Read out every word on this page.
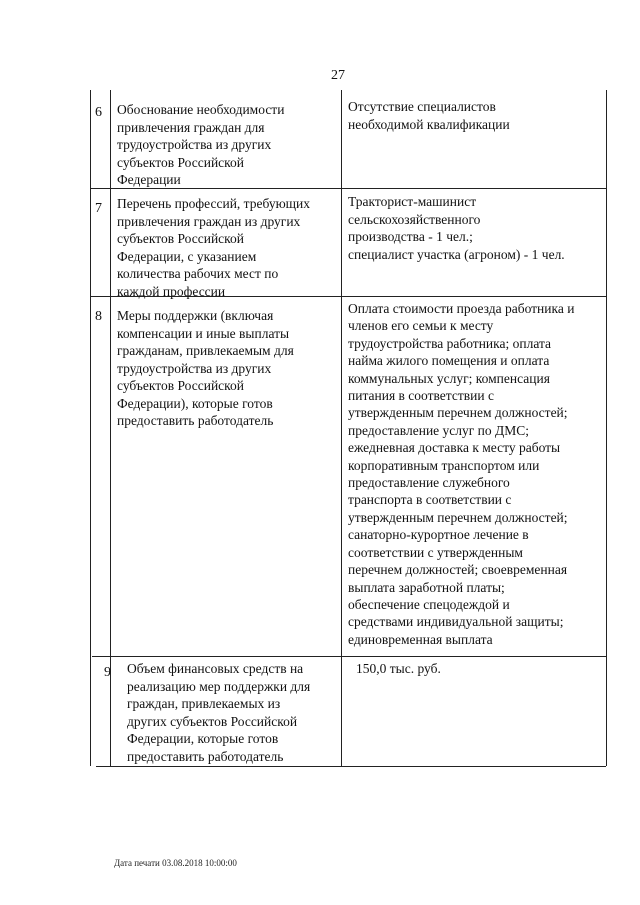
27
6 Обоснование необходимости
привлечения граждан для
трудоустройства из других
субъектов Российской
Федерации
Отсутствие специалистов
необходимой квалификации
7 Перечень профессий, требующих
привлечения граждан из других
субъектов Российской
Федерации, с указанием
количества рабочих мест по
каждой профессии
Тракторист-машинист
сельскохозяйственного
производства - 1 чел.;
специалист участка (агроном) - 1 чел.
8 Меры поддержки (включая
компенсации и иные выплаты
гражданам, привлекаемым для
трудоустройства из других
субъектов Российской
Федерации), которые готов
предоставить работодатель
Оплата стоимости проезда работника и
членов его семьи к месту
трудоустройства работника; оплата
найма жилого помещения и оплата
коммунальных услуг; компенсация
питания в соответствии с
утвержденным перечнем должностей;
предоставление услуг по ДМС;
ежедневная доставка к месту работы
корпоративным транспортом или
предоставление служебного
транспорта в соответствии с
утвержденным перечнем должностей;
санаторно-курортное лечение в
соответствии с утвержденным
перечнем должностей; своевременная
выплата заработной платы;
обеспечение спецодеждой и
средствами индивидуальной защиты;
единовременная выплата
9 Объем финансовых средств на
реализацию мер поддержки для
граждан, привлекаемых из
других субъектов Российской
Федерации, которые готов
предоставить работодатель
150,0 тыс. руб.
Дата печати 03.08.2018 10:00:00
